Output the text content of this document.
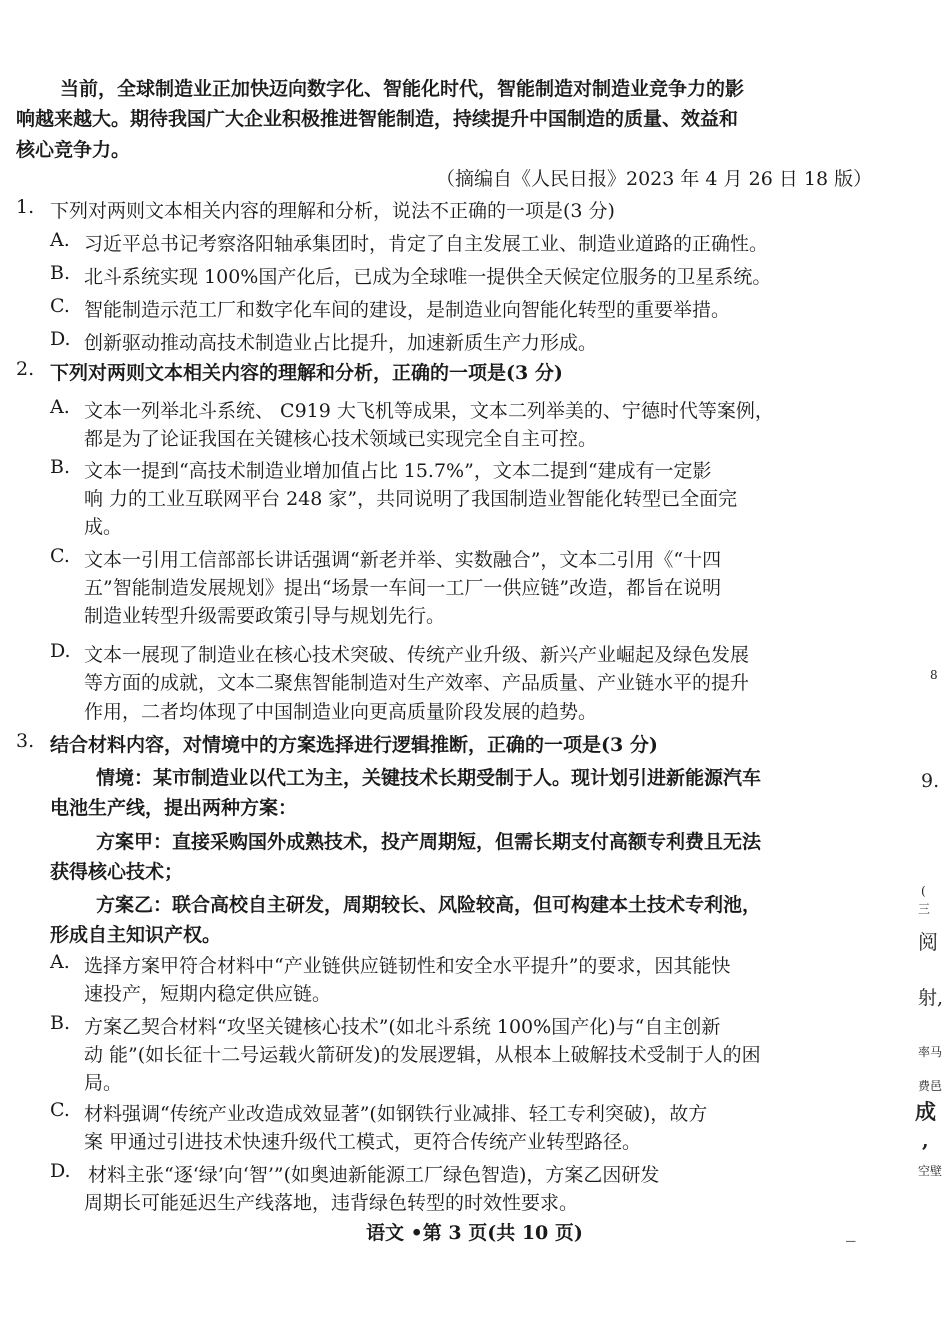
当前，全球制造业正加快迈向数字化、智能化时代，智能制造对制造业竞争力的影
响越来越大。期待我国广大企业积极推进智能制造，持续提升中国制造的质量、效益和
核心竞争力。
（摘编自《人民日报》2023 年 4 月 26 日 18 版）
1. 下列对两则文本相关内容的理解和分析，说法不正确的一项是(3 分)
A. 习近平总书记考察洛阳轴承集团时，肯定了自主发展工业、制造业道路的正确性。
B. 北斗系统实现 100%国产化后，已成为全球唯一提供全天候定位服务的卫星系统。
C. 智能制造示范工厂和数字化车间的建设，是制造业向智能化转型的重要举措。
D. 创新驱动推动高技术制造业占比提升，加速新质生产力形成。
2. 下列对两则文本相关内容的理解和分析，正确的一项是(3 分)
A. 文本一列举北斗系统、 C919 大飞机等成果，文本二列举美的、宁德时代等案例，
都是为了论证我国在关键核心技术领域已实现完全自主可控。
B. 文本一提到“高技术制造业增加值占比 15.7%”，文本二提到“建成有一定影
响 力的工业互联网平台 248 家”，共同说明了我国制造业智能化转型已全面完
成。
C. 文本一引用工信部部长讲话强调“新老并举、实数融合”，文本二引用《“十四
五”智能制造发展规划》提出“场景一车间一工厂一供应链”改造，都旨在说明
制造业转型升级需要政策引导与规划先行。
D. 文本一展现了制造业在核心技术突破、传统产业升级、新兴产业崛起及绿色发展
等方面的成就，文本二聚焦智能制造对生产效率、产品质量、产业链水平的提升
作用，二者均体现了中国制造业向更高质量阶段发展的趋势。
3. 结合材料内容，对情境中的方案选择进行逻辑推断，正确的一项是(3 分)
情境：某市制造业以代工为主，关键技术长期受制于人。现计划引进新能源汽车
电池生产线，提出两种方案：
方案甲：直接采购国外成熟技术，投产周期短，但需长期支付高额专利费且无法
获得核心技术；
方案乙：联合高校自主研发，周期较长、风险较高，但可构建本土技术专利池，
形成自主知识产权。
A. 选择方案甲符合材料中“产业链供应链韧性和安全水平提升”的要求，因其能快
速投产，短期内稳定供应链。
B. 方案乙契合材料“攻坚关键核心技术”(如北斗系统 100%国产化)与“自主创新
动 能”(如长征十二号运载火箭研发)的发展逻辑，从根本上破解技术受制于人的困
局。
C. 材料强调“传统产业改造成效显著”(如钢铁行业减排、轻工专利突破)，故方
案 甲通过引进技术快速升级代工模式，更符合传统产业转型路径。
D. 材料主张“逐‘绿’向‘智’”(如奥迪新能源工厂绿色智造)，方案乙因研发
周期长可能延迟生产线落地，违背绿色转型的时效性要求。
语文 •第 3 页(共 10 页)	_
8
9.
(
三
阅
射,
率马
费邑
成
,
空壁
